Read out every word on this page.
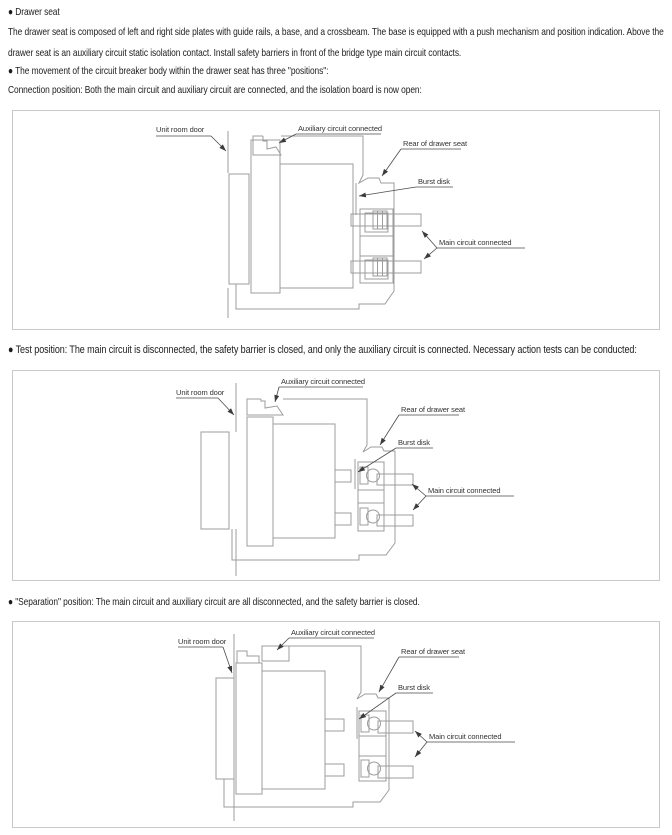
● Drawer seat
The drawer seat is composed of left and right side plates with guide rails, a base, and a crossbeam. The base is equipped with a push mechanism and position indication. Above the
drawer seat is an auxiliary circuit static isolation contact. Install safety barriers in front of the bridge type main circuit contacts.
● The movement of the circuit breaker body within the drawer seat has three "positions":
Connection position: Both the main circuit and auxiliary circuit are connected, and the isolation board is now open:
● Test position: The main circuit is disconnected, the safety barrier is closed, and only the auxiliary circuit is connected. Necessary action tests can be conducted:
● "Separation" position: The main circuit and auxiliary circuit are all disconnected, and the safety barrier is closed.
Unit room door	Auxiliary circuit connected
Rear of drawer seat
Burst disk
Main circuit connected
Unit room door
Auxiliary circuit connected
Rear of drawer seat
Burst disk
Main circuit connected
Unit room door
Auxiliary circuit connected
Rear of drawer seat
Burst disk
Main circuit connected
